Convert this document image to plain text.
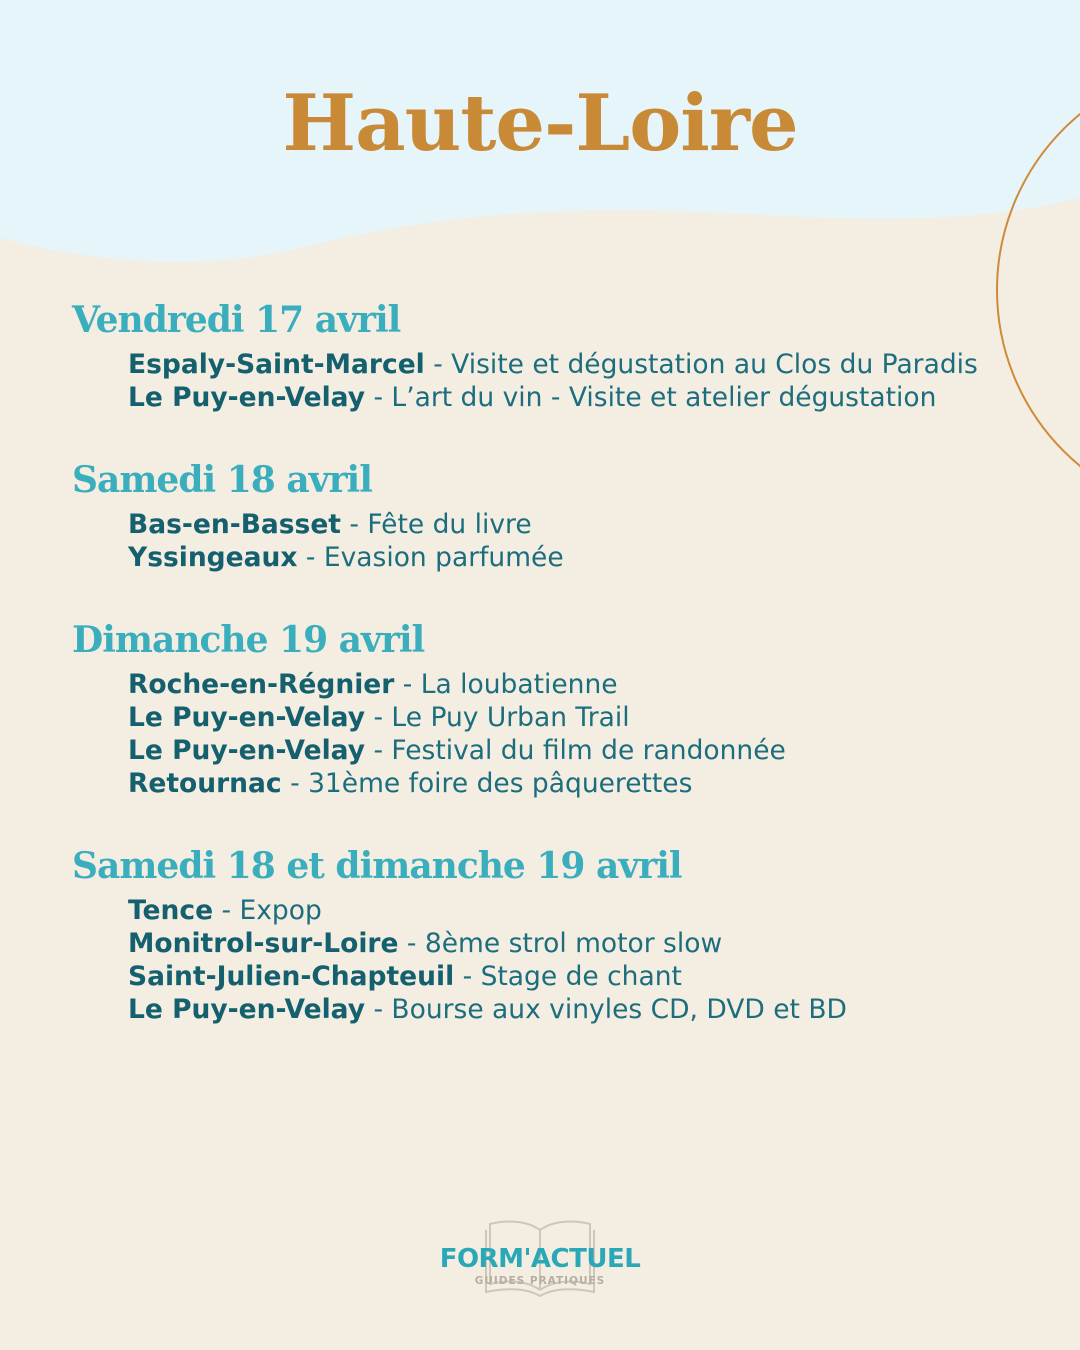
Haute-Loire
Vendredi 17 avril
Espaly-Saint-Marcel - Visite et dégustation au Clos du Paradis
Le Puy-en-Velay - L’art du vin - Visite et atelier dégustation
Samedi 18 avril
Bas-en-Basset - Fête du livre
Yssingeaux - Evasion parfumée
Dimanche 19 avril
Roche-en-Régnier - La loubatienne
Le Puy-en-Velay - Le Puy Urban Trail
Le Puy-en-Velay - Festival du film de randonnée
Retournac - 31ème foire des pâquerettes
Samedi 18 et dimanche 19 avril
Tence - Expop
Monitrol-sur-Loire - 8ème strol motor slow
Saint-Julien-Chapteuil - Stage de chant
Le Puy-en-Velay - Bourse aux vinyles CD, DVD et BD
FORM'ACTUEL
GUIDES PRATIQUES
